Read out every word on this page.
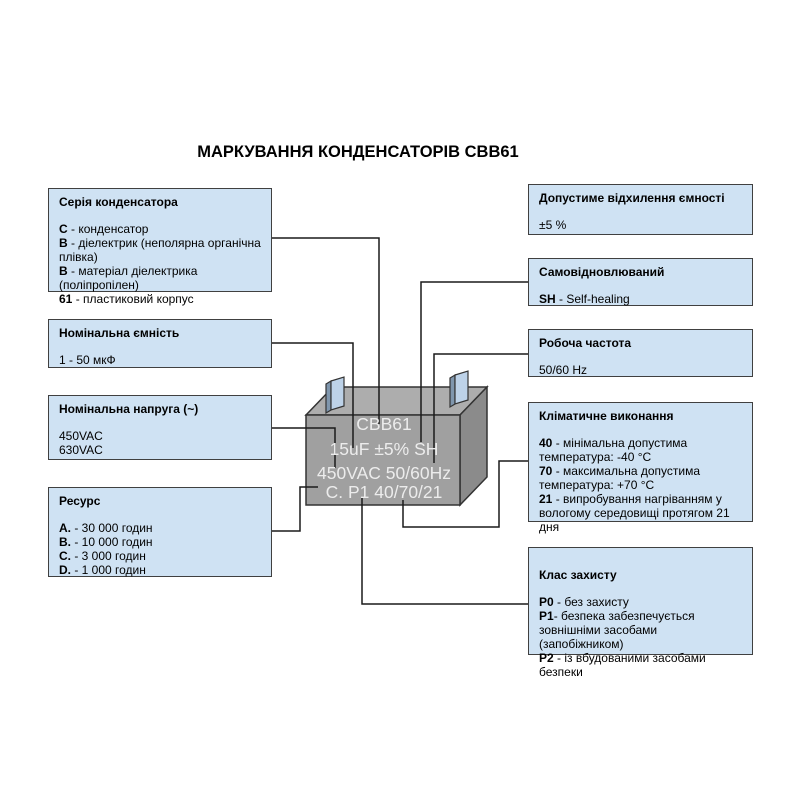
МАРКУВАННЯ КОНДЕНСАТОРІВ CBB61
CBB61
15uF ±5% SH
450VAC 50/60Hz
C. P1 40/70/21
Серія конденсатора
C - конденсатор
B - діелектрик (неполярна органічна плівка)
B - матеріал діелектрика (поліпропілен)
61 - пластиковий корпус
Номінальна ємність
1 - 50 мкФ
Номінальна напруга (~)
450VAC
630VAC
Ресурс
A. - 30 000 годин
B. - 10 000 годин
C. - 3 000 годин
D. - 1 000 годин
Допустиме відхилення ємності
±5 %
Самовідновлюваний
SH - Self-healing
Робоча частота
50/60 Hz
Кліматичне виконання
40 - мінімальна допустима температура: -40 °C
70 - максимальна допустима температура: +70 °C
21 - випробування нагріванням у вологому середовищі протягом 21 дня
Клас захисту
P0 - без захисту
P1- безпека забезпечується зовнішніми засобами (запобіжником)
P2 - із вбудованими засобами безпеки
